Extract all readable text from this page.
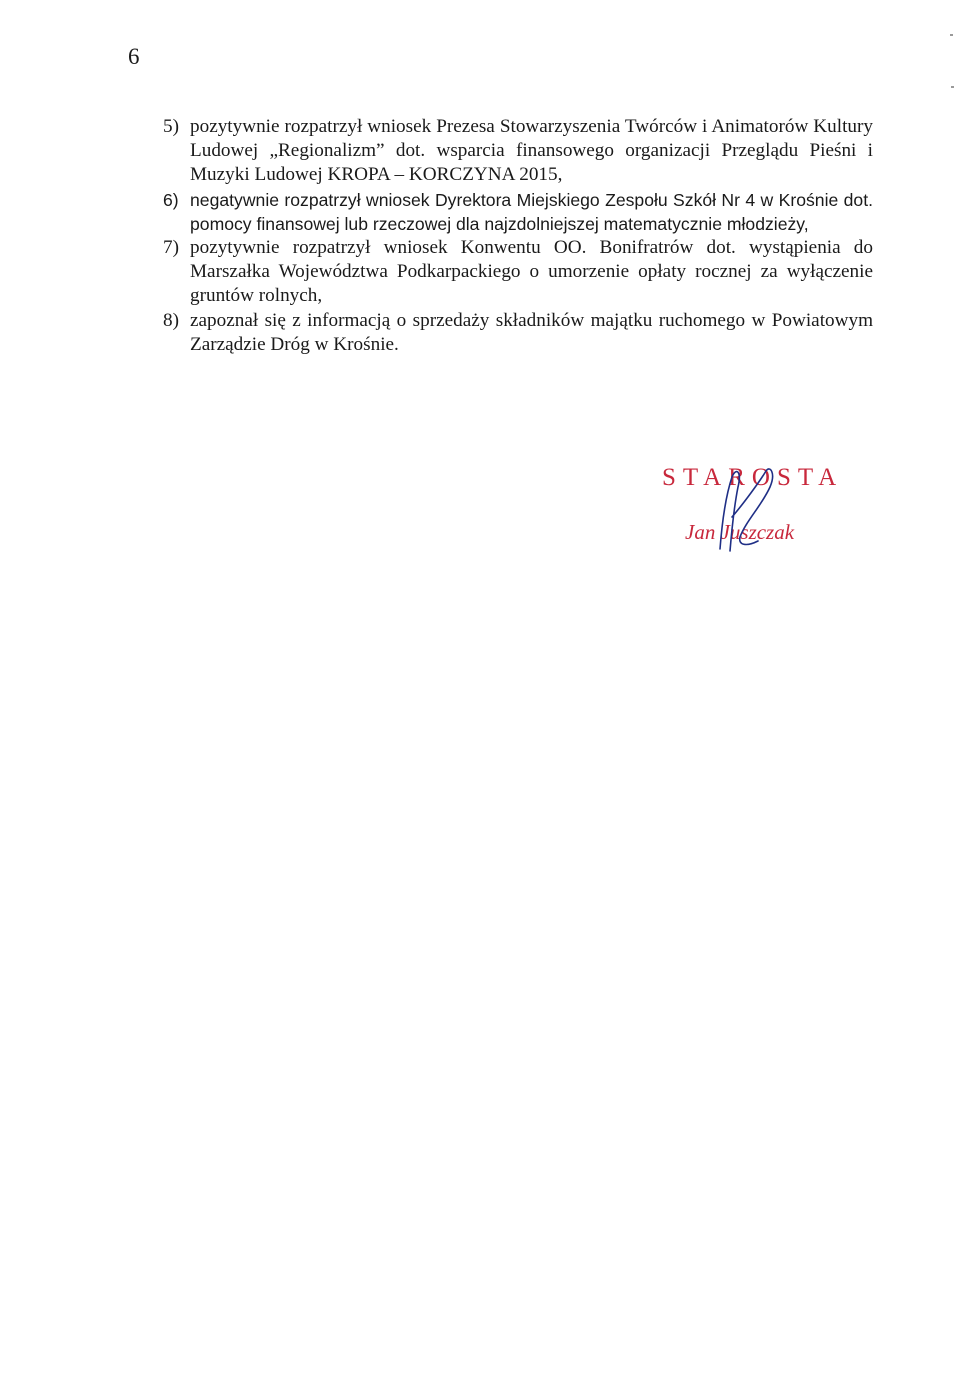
6
5) pozytywnie rozpatrzył wniosek Prezesa Stowarzyszenia Twórców i Animatorów Kultury Ludowej „Regionalizm” dot. wsparcia finansowego organizacji Przeglądu Pieśni i Muzyki Ludowej KROPA – KORCZYNA 2015,
6) negatywnie rozpatrzył wniosek Dyrektora Miejskiego Zespołu Szkół Nr 4 w Krośnie dot. pomocy finansowej lub rzeczowej dla najzdolniejszej matematycznie młodzieży,
7) pozytywnie rozpatrzył wniosek Konwentu OO. Bonifratrów dot. wystąpienia do Marszałka Województwa Podkarpackiego o umorzenie opłaty rocznej za wyłączenie gruntów rolnych,
8) zapoznał się z informacją o sprzedaży składników majątku ruchomego w Powiatowym Zarządzie Dróg w Krośnie.
STAROSTA
Jan Juszczak
